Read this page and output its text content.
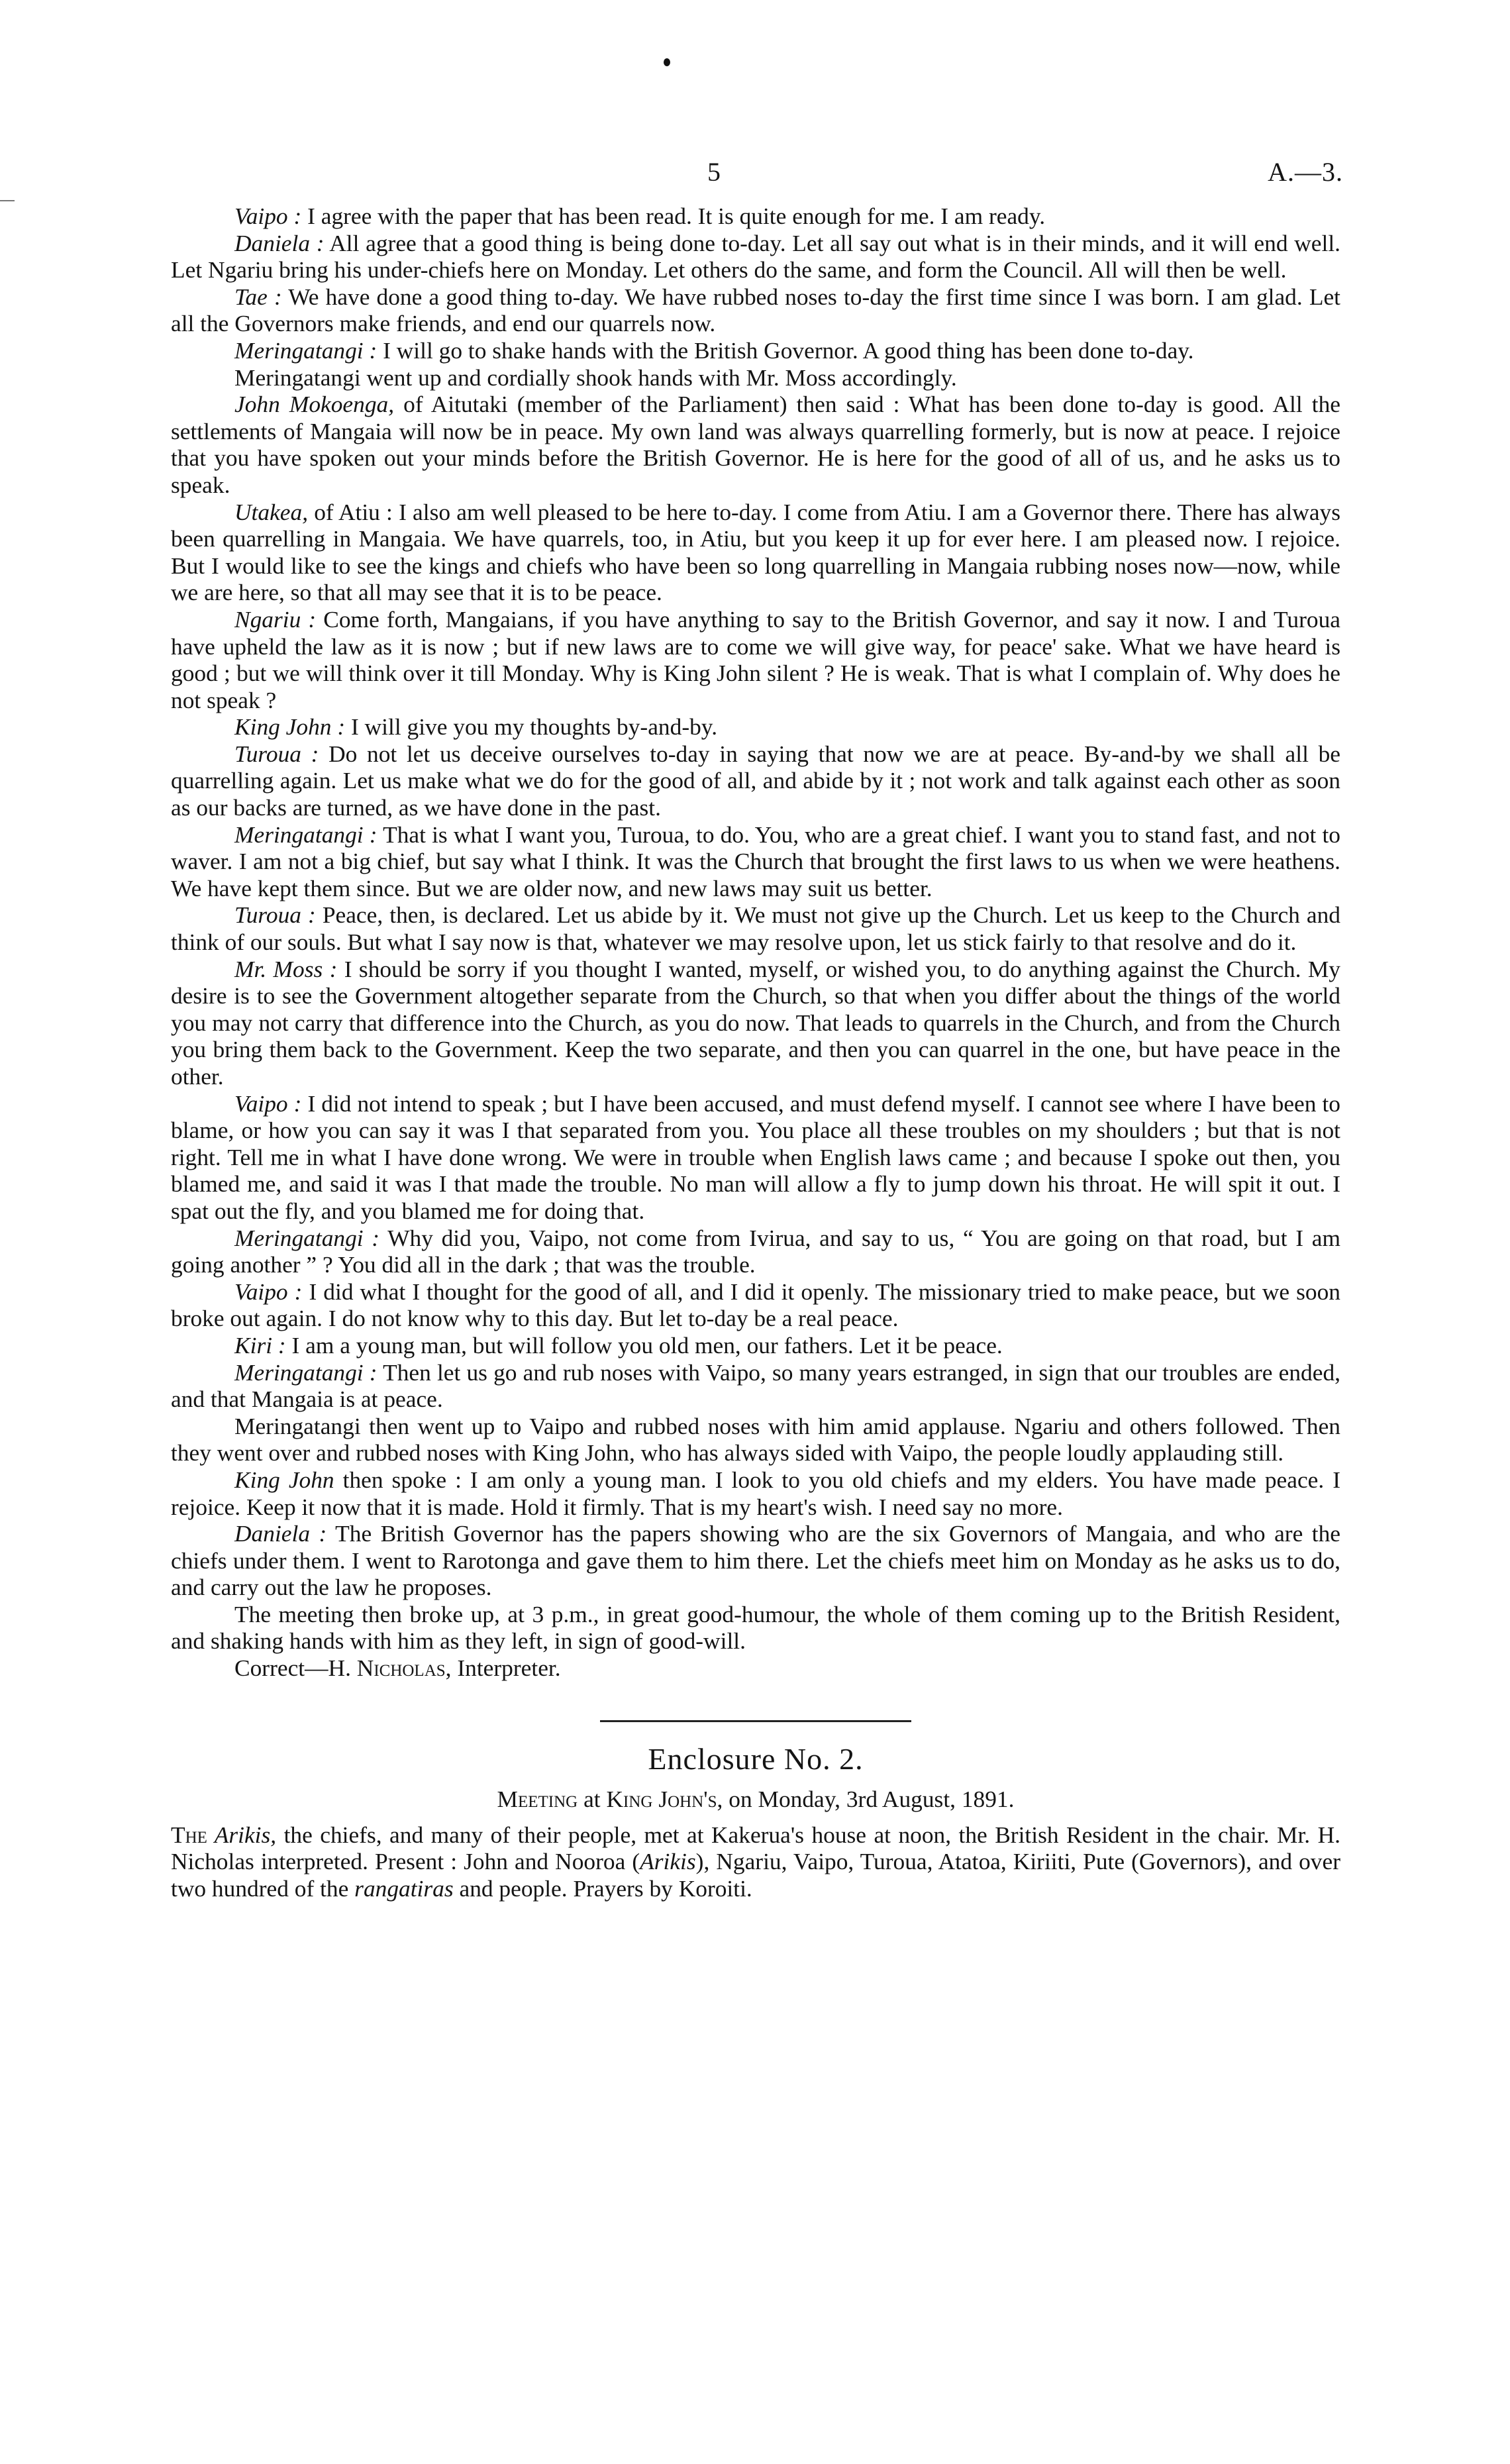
5	A.—3.

Vaipo : I agree with the paper that has been read. It is quite enough for me. I am ready.

Daniela : All agree that a good thing is being done to-day. Let all say out what is in their minds, and it will end well. Let Ngariu bring his under-chiefs here on Monday. Let others do the same, and form the Council. All will then be well.

Tae : We have done a good thing to-day. We have rubbed noses to-day the first time since I was born. I am glad. Let all the Governors make friends, and end our quarrels now.

Meringatangi : I will go to shake hands with the British Governor. A good thing has been done to-day.

Meringatangi went up and cordially shook hands with Mr. Moss accordingly.

John Mokoenga, of Aitutaki (member of the Parliament) then said : What has been done to-day is good. All the settlements of Mangaia will now be in peace. My own land was always quarrelling formerly, but is now at peace. I rejoice that you have spoken out your minds before the British Governor. He is here for the good of all of us, and he asks us to speak.

Utakea, of Atiu : I also am well pleased to be here to-day. I come from Atiu. I am a Governor there. There has always been quarrelling in Mangaia. We have quarrels, too, in Atiu, but you keep it up for ever here. I am pleased now. I rejoice. But I would like to see the kings and chiefs who have been so long quarrelling in Mangaia rubbing noses now—now, while we are here, so that all may see that it is to be peace.

Ngariu : Come forth, Mangaians, if you have anything to say to the British Governor, and say it now. I and Turoua have upheld the law as it is now ; but if new laws are to come we will give way, for peace' sake. What we have heard is good ; but we will think over it till Monday. Why is King John silent ? He is weak. That is what I complain of. Why does he not speak ?

King John : I will give you my thoughts by-and-by.

Turoua : Do not let us deceive ourselves to-day in saying that now we are at peace. By-and-by we shall all be quarrelling again. Let us make what we do for the good of all, and abide by it ; not work and talk against each other as soon as our backs are turned, as we have done in the past.

Meringatangi : That is what I want you, Turoua, to do. You, who are a great chief. I want you to stand fast, and not to waver. I am not a big chief, but say what I think. It was the Church that brought the first laws to us when we were heathens. We have kept them since. But we are older now, and new laws may suit us better.

Turoua : Peace, then, is declared. Let us abide by it. We must not give up the Church. Let us keep to the Church and think of our souls. But what I say now is that, whatever we may resolve upon, let us stick fairly to that resolve and do it.

Mr. Moss : I should be sorry if you thought I wanted, myself, or wished you, to do anything against the Church. My desire is to see the Government altogether separate from the Church, so that when you differ about the things of the world you may not carry that difference into the Church, as you do now. That leads to quarrels in the Church, and from the Church you bring them back to the Government. Keep the two separate, and then you can quarrel in the one, but have peace in the other.

Vaipo : I did not intend to speak ; but I have been accused, and must defend myself. I cannot see where I have been to blame, or how you can say it was I that separated from you. You place all these troubles on my shoulders ; but that is not right. Tell me in what I have done wrong. We were in trouble when English laws came ; and because I spoke out then, you blamed me, and said it was I that made the trouble. No man will allow a fly to jump down his throat. He will spit it out. I spat out the fly, and you blamed me for doing that.

Meringatangi : Why did you, Vaipo, not come from Ivirua, and say to us, “ You are going on that road, but I am going another ” ? You did all in the dark ; that was the trouble.

Vaipo : I did what I thought for the good of all, and I did it openly. The missionary tried to make peace, but we soon broke out again. I do not know why to this day. But let to-day be a real peace.

Kiri : I am a young man, but will follow you old men, our fathers. Let it be peace.

Meringatangi : Then let us go and rub noses with Vaipo, so many years estranged, in sign that our troubles are ended, and that Mangaia is at peace.

Meringatangi then went up to Vaipo and rubbed noses with him amid applause. Ngariu and others followed. Then they went over and rubbed noses with King John, who has always sided with Vaipo, the people loudly applauding still.

King John then spoke : I am only a young man. I look to you old chiefs and my elders. You have made peace. I rejoice. Keep it now that it is made. Hold it firmly. That is my heart's wish. I need say no more.

Daniela : The British Governor has the papers showing who are the six Governors of Mangaia, and who are the chiefs under them. I went to Rarotonga and gave them to him there. Let the chiefs meet him on Monday as he asks us to do, and carry out the law he proposes.

The meeting then broke up, at 3 p.m., in great good-humour, the whole of them coming up to the British Resident, and shaking hands with him as they left, in sign of good-will.

Correct—H. Nicholas, Interpreter.

Enclosure No. 2.
Meeting at King John's, on Monday, 3rd August, 1891.

The Arikis, the chiefs, and many of their people, met at Kakerua's house at noon, the British Resident in the chair. Mr. H. Nicholas interpreted. Present : John and Nooroa (Arikis), Ngariu, Vaipo, Turoua, Atatoa, Kiriiti, Pute (Governors), and over two hundred of the rangatiras and people. Prayers by Koroiti.
